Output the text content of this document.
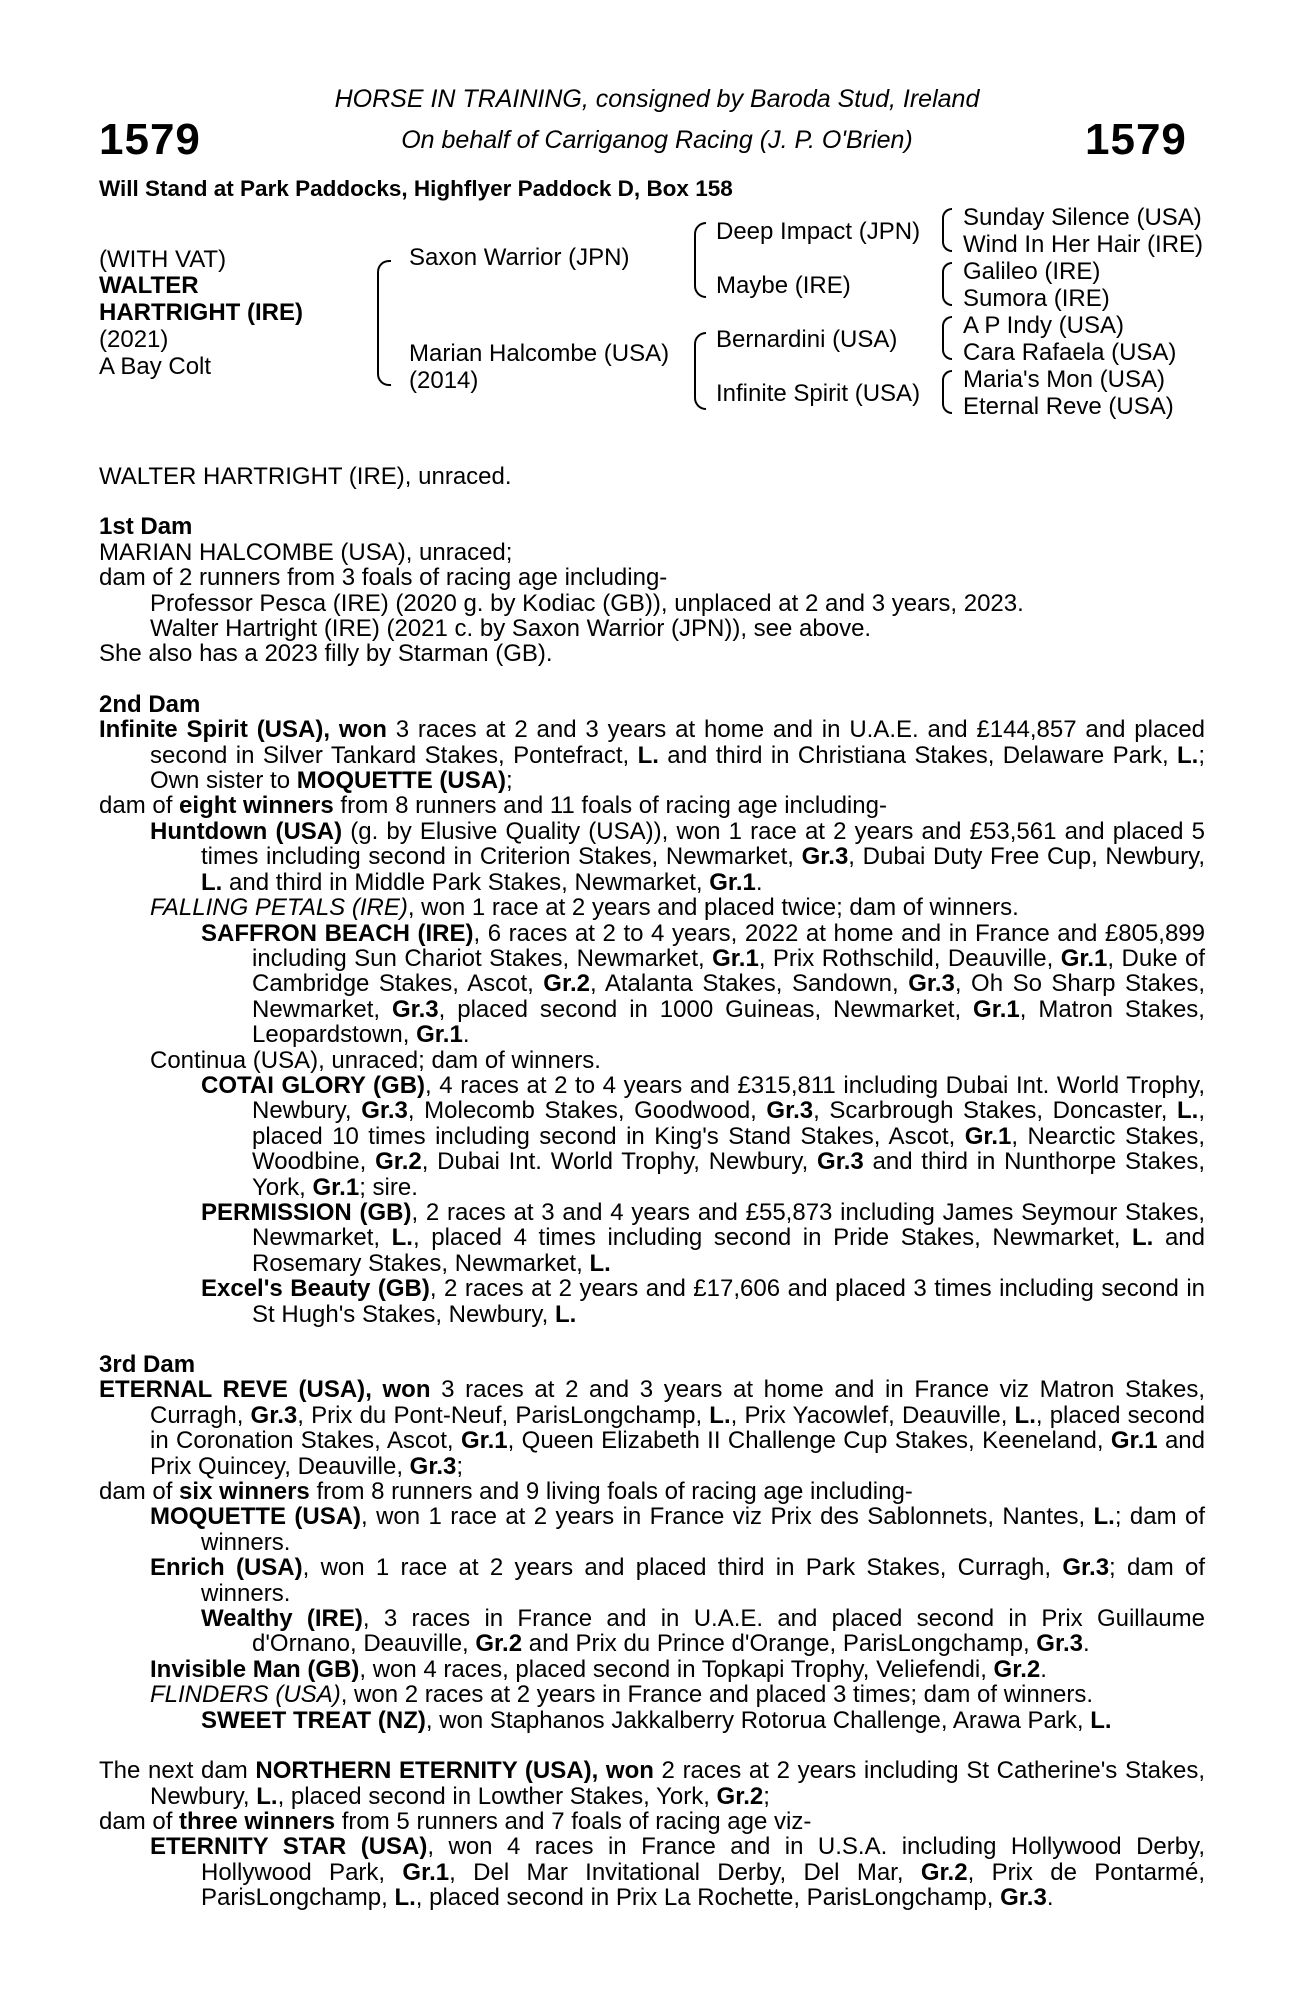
1579	1579
HORSE IN TRAINING, consigned by Baroda Stud, Ireland
On behalf of Carriganog Racing (J. P. O'Brien)
Will Stand at Park Paddocks, Highflyer Paddock D, Box 158
(WITH VAT)
WALTER
HARTRIGHT (IRE)
(2021)
A Bay Colt
Saxon Warrior (JPN)
Marian Halcombe (USA)
(2014)
Deep Impact (JPN)
Maybe (IRE)
Bernardini (USA)
Infinite Spirit (USA)
Sunday Silence (USA)
Wind In Her Hair (IRE)
Galileo (IRE)
Sumora (IRE)
A P Indy (USA)
Cara Rafaela (USA)
Maria's Mon (USA)
Eternal Reve (USA)

WALTER HARTRIGHT (IRE), unraced.

1st Dam

MARIAN HALCOMBE (USA), unraced;

dam of 2 runners from 3 foals of racing age including-

Professor Pesca (IRE) (2020 g. by Kodiac (GB)), unplaced at 2 and 3 years, 2023.

Walter Hartright (IRE) (2021 c. by Saxon Warrior (JPN)), see above.

She also has a 2023 filly by Starman (GB).

2nd Dam

Infinite Spirit (USA), won 3 races at 2 and 3 years at home and in U.A.E. and £144,857 and placed second in Silver Tankard Stakes, Pontefract, L. and third in Christiana Stakes, Delaware Park, L.; Own sister to MOQUETTE (USA);

dam of eight winners from 8 runners and 11 foals of racing age including-

Huntdown (USA) (g. by Elusive Quality (USA)), won 1 race at 2 years and £53,561 and placed 5 times including second in Criterion Stakes, Newmarket, Gr.3, Dubai Duty Free Cup, Newbury, L. and third in Middle Park Stakes, Newmarket, Gr.1.

FALLING PETALS (IRE), won 1 race at 2 years and placed twice; dam of winners.

SAFFRON BEACH (IRE), 6 races at 2 to 4 years, 2022 at home and in France and £805,899 including Sun Chariot Stakes, Newmarket, Gr.1, Prix Rothschild, Deauville, Gr.1, Duke of Cambridge Stakes, Ascot, Gr.2, Atalanta Stakes, Sandown, Gr.3, Oh So Sharp Stakes, Newmarket, Gr.3, placed second in 1000 Guineas, Newmarket, Gr.1, Matron Stakes, Leopardstown, Gr.1.

Continua (USA), unraced; dam of winners.

COTAI GLORY (GB), 4 races at 2 to 4 years and £315,811 including Dubai Int. World Trophy, Newbury, Gr.3, Molecomb Stakes, Goodwood, Gr.3, Scarbrough Stakes, Doncaster, L., placed 10 times including second in King's Stand Stakes, Ascot, Gr.1, Nearctic Stakes, Woodbine, Gr.2, Dubai Int. World Trophy, Newbury, Gr.3 and third in Nunthorpe Stakes, York, Gr.1; sire.

PERMISSION (GB), 2 races at 3 and 4 years and £55,873 including James Seymour Stakes, Newmarket, L., placed 4 times including second in Pride Stakes, Newmarket, L. and Rosemary Stakes, Newmarket, L.

Excel's Beauty (GB), 2 races at 2 years and £17,606 and placed 3 times including second in St Hugh's Stakes, Newbury, L.

3rd Dam

ETERNAL REVE (USA), won 3 races at 2 and 3 years at home and in France viz Matron Stakes, Curragh, Gr.3, Prix du Pont-Neuf, ParisLongchamp, L., Prix Yacowlef, Deauville, L., placed second in Coronation Stakes, Ascot, Gr.1, Queen Elizabeth II Challenge Cup Stakes, Keeneland, Gr.1 and Prix Quincey, Deauville, Gr.3;

dam of six winners from 8 runners and 9 living foals of racing age including-

MOQUETTE (USA), won 1 race at 2 years in France viz Prix des Sablonnets, Nantes, L.; dam of winners.

Enrich (USA), won 1 race at 2 years and placed third in Park Stakes, Curragh, Gr.3; dam of winners.

Wealthy (IRE), 3 races in France and in U.A.E. and placed second in Prix Guillaume d'Ornano, Deauville, Gr.2 and Prix du Prince d'Orange, ParisLongchamp, Gr.3.

Invisible Man (GB), won 4 races, placed second in Topkapi Trophy, Veliefendi, Gr.2.

FLINDERS (USA), won 2 races at 2 years in France and placed 3 times; dam of winners.

SWEET TREAT (NZ), won Staphanos Jakkalberry Rotorua Challenge, Arawa Park, L.

The next dam NORTHERN ETERNITY (USA), won 2 races at 2 years including St Catherine's Stakes, Newbury, L., placed second in Lowther Stakes, York, Gr.2;

dam of three winners from 5 runners and 7 foals of racing age viz-

ETERNITY STAR (USA), won 4 races in France and in U.S.A. including Hollywood Derby, Hollywood Park, Gr.1, Del Mar Invitational Derby, Del Mar, Gr.2, Prix de Pontarmé, ParisLongchamp, L., placed second in Prix La Rochette, ParisLongchamp, Gr.3.
